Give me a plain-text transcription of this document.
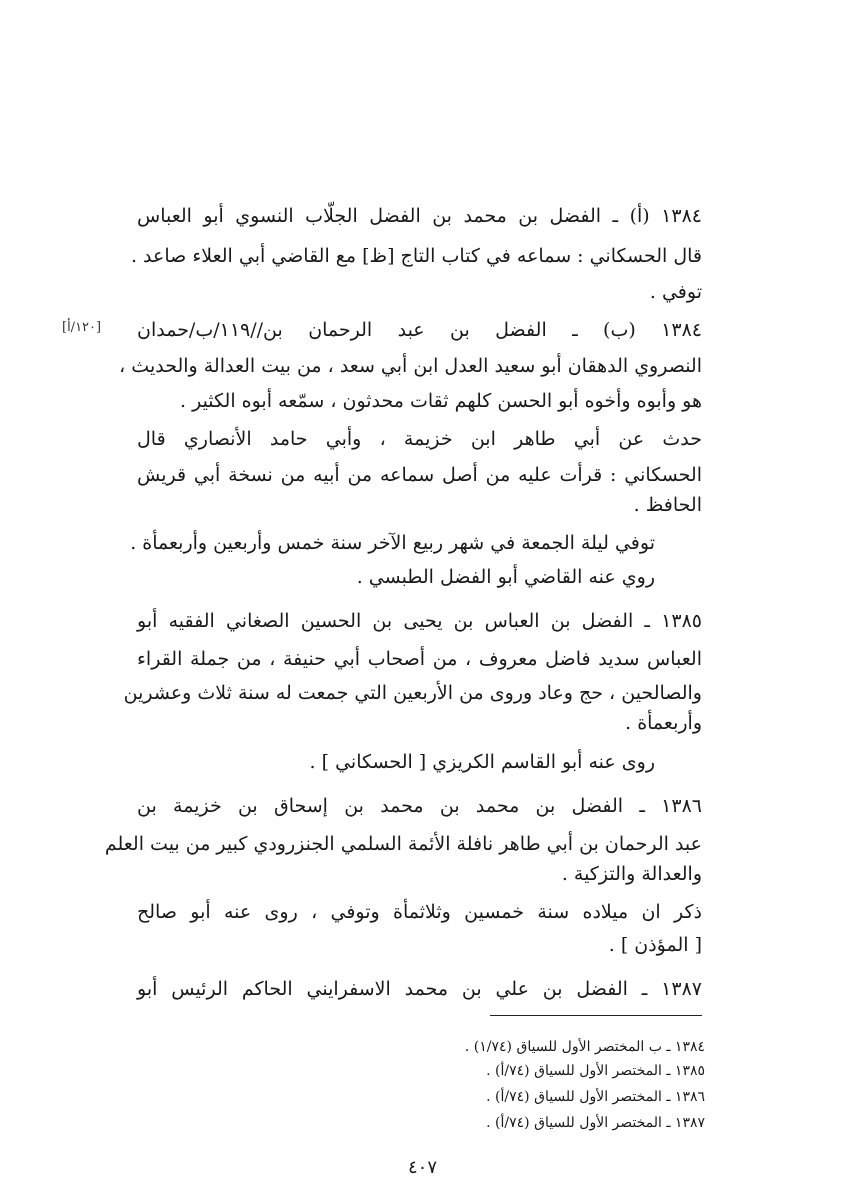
١٣٨٤ (أ) ـ الفضل بن محمد بن الفضل الجلّاب النسوي أبو العباس
قال الحسكاني : سماعه في كتاب التاج [ظ] مع القاضي أبي العلاء صاعد .
توفي .
١٣٨٤ (ب) ـ الفضل بن عبد الرحمان بن//١١٩/ب/حمدان
[١٢٠/أ]
النصروي الدهقان أبو سعيد العدل ابن أبي سعد ، من بيت العدالة والحديث ،
هو وأبوه وأخوه أبو الحسن كلهم ثقات محدثون ، سمّعه أبوه الكثير .
حدث عن أبي طاهر ابن خزيمة ، وأبي حامد الأنصاري قال
الحسكاني : قرأت عليه من أصل سماعه من أبيه من نسخة أبي قريش
الحافظ .
توفي ليلة الجمعة في شهر ربيع الآخر سنة خمس وأربعين وأربعمأة .
روي عنه القاضي أبو الفضل الطبسي .
١٣٨٥ ـ الفضل بن العباس بن يحيى بن الحسين الصغاني الفقيه أبو
العباس سديد فاضل معروف ، من أصحاب أبي حنيفة ، من جملة القراء
والصالحين ، حج وعاد وروى من الأربعين التي جمعت له سنة ثلاث وعشرين
وأربعمأة .
روى عنه أبو القاسم الكريزي [ الحسكاني ] .
١٣٨٦ ـ الفضل بن محمد بن محمد بن إسحاق بن خزيمة بن
عبد الرحمان بن أبي طاهر نافلة الأئمة السلمي الجنزرودي كبير من بيت العلم
والعدالة والتزكية .
ذكر ان ميلاده سنة خمسين وثلاثمأة وتوفي ، روى عنه أبو صالح
[ المؤذن ] .
١٣٨٧ ـ الفضل بن علي بن محمد الاسفرايني الحاكم الرئيس أبو
١٣٨٤ ـ ب المختصر الأول للسياق (١/٧٤) .
١٣٨٥ ـ المختصر الأول للسياق (٧٤/أ) .
١٣٨٦ ـ المختصر الأول للسياق (٧٤/أ) .
١٣٨٧ ـ المختصر الأول للسياق (٧٤/أ) .
٤٠٧
